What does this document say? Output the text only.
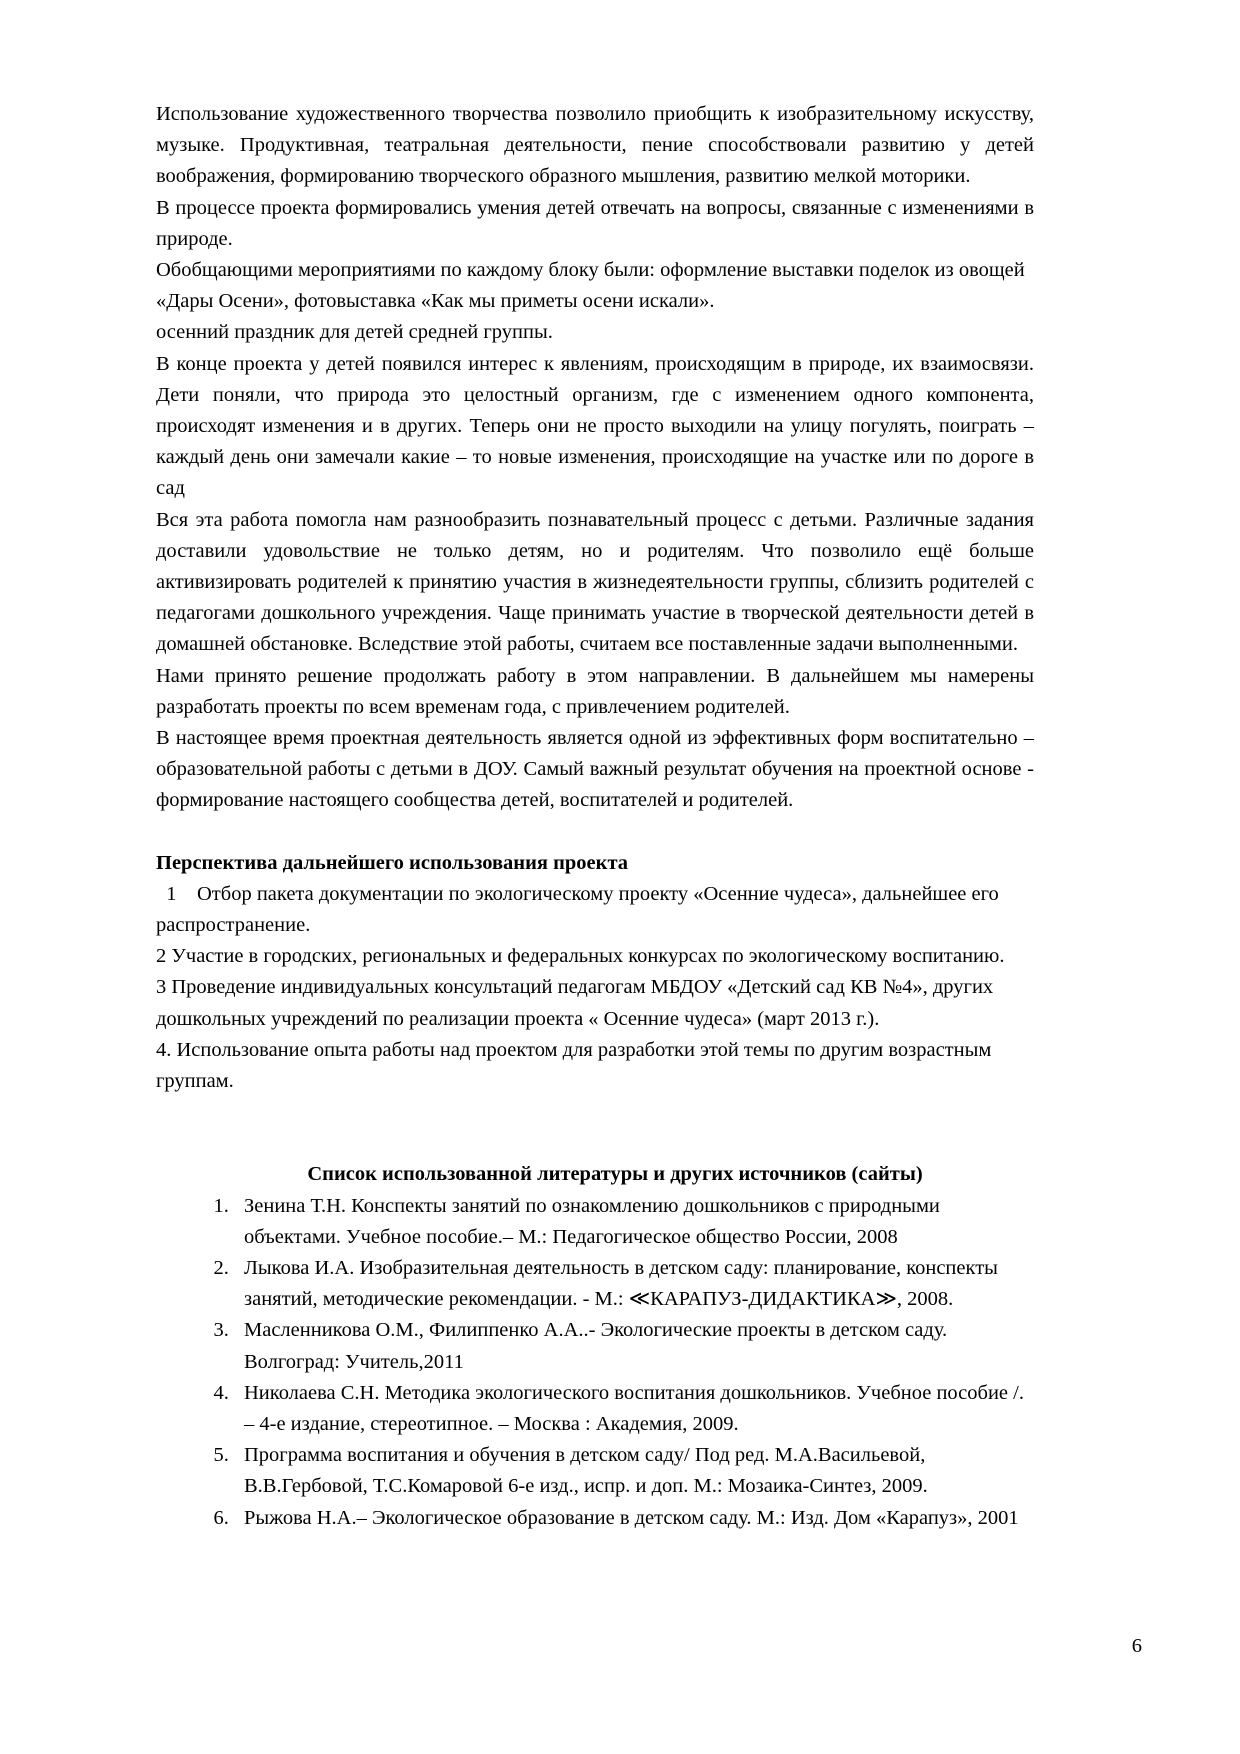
Использование художественного творчества позволило приобщить к изобразительному искусству, музыке. Продуктивная, театральная деятельности, пение способствовали развитию у детей воображения, формированию творческого образного мышления, развитию мелкой моторики.

В процессе проекта формировались умения детей отвечать на вопросы, связанные с изменениями в природе.

Обобщающими мероприятиями по каждому блоку были: оформление выставки поделок из овощей «Дары Осени», фотовыставка «Как мы приметы осени искали».

осенний праздник для детей средней группы.

В конце проекта у детей появился интерес к явлениям, происходящим в природе, их взаимосвязи. Дети поняли, что природа это целостный организм, где с изменением одного компонента, происходят изменения и в других. Теперь они не просто выходили на улицу погулять, поиграть – каждый день они замечали какие – то новые изменения, происходящие на участке или по дороге в сад

Вся эта работа помогла нам разнообразить познавательный процесс с детьми. Различные задания доставили удовольствие не только детям, но и родителям. Что позволило ещё больше активизировать родителей к принятию участия в жизнедеятельности группы, сблизить родителей с педагогами дошкольного учреждения. Чаще принимать участие в творческой деятельности детей в домашней обстановке. Вследствие этой работы, считаем все поставленные задачи выполненными.

Нами принято решение продолжать работу в этом направлении. В дальнейшем мы намерены разработать проекты по всем временам года, с привлечением родителей.

В настоящее время проектная деятельность является одной из эффективных форм воспитательно – образовательной работы с детьми в ДОУ. Самый важный результат обучения на проектной основе - формирование настоящего сообщества детей, воспитателей и родителей.

Перспектива дальнейшего использования проекта

1    Отбор пакета документации по экологическому проекту «Осенние чудеса», дальнейшее его распространение.

2 Участие в городских, региональных и федеральных конкурсах по экологическому воспитанию.

3 Проведение индивидуальных консультаций педагогам МБДОУ «Детский сад КВ №4», других дошкольных учреждений по реализации проекта « Осенние чудеса» (март 2013 г.).

4. Использование опыта работы над проектом для разработки этой темы по другим возрастным группам.

Список использованной литературы и других источников (сайты)

1. Зенина Т.Н. Конспекты занятий по ознакомлению дошкольников с природными объектами. Учебное пособие.– М.: Педагогическое общество России, 2008
2. Лыкова И.А. Изобразительная деятельность в детском саду: планирование, конспекты занятий, методические рекомендации. - М.: ≪КАРАПУЗ-ДИДАКТИКА≫, 2008.
3. Масленникова О.М., Филиппенко А.А..- Экологические проекты в детском саду. Волгоград: Учитель,2011
4. Николаева С.Н. Методика экологического воспитания дошкольников. Учебное пособие /. – 4-е издание, стереотипное. – Москва : Академия, 2009.
5. Программа воспитания и обучения в детском саду/ Под ред. М.А.Васильевой, В.В.Гербовой, Т.С.Комаровой 6-е изд., испр. и доп. М.: Мозаика-Синтез, 2009.
6. Рыжова Н.А.– Экологическое образование в детском саду. М.: Изд. Дом «Карапуз», 2001
6
